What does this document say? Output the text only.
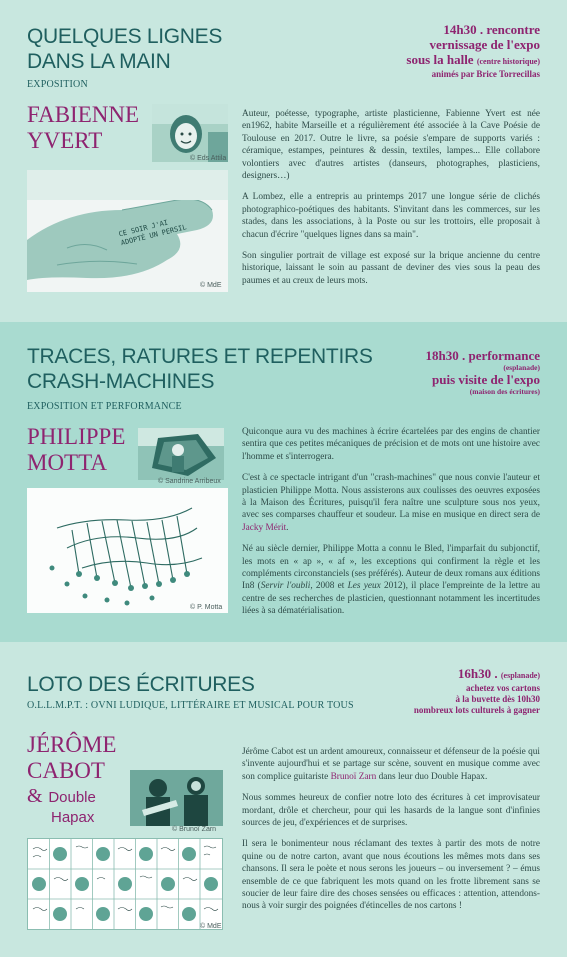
QUELQUES LIGNES
DANS LA MAIN
EXPOSITION
14h30 . rencontre
vernissage de l'expo
sous la halle (centre historique)
animés par Brice Torrecillas
FABIENNE
YVERT
© Eds Attila
CE SOIR J'AI ADOPTÉ UN PERSIL
© MdE

Auteur, poétesse, typographe, artiste plasticienne, Fabienne Yvert est née en1962, habite Marseille et a régulièrement été associée à la Cave Poésie de Toulouse en 2017. Outre le livre, sa poésie s'empare de supports variés : céramique, estampes, peintures & dessin, textiles, lampes... Elle collabore volontiers avec d'autres artistes (danseurs, photographes, plasticiens, designers…)

A Lombez, elle a entrepris au printemps 2017 une longue série de clichés photographico-poétiques des habitants. S'invitant dans les commerces, sur les stades, dans les associations, à la Poste ou sur les trottoirs, elle proposait à chacun d'écrire "quelques lignes dans sa main".

Son singulier portrait de village est exposé sur la brique ancienne du centre historique, laissant le soin au passant de deviner des vies sous la peau des paumes et au creux de leurs mots.

TRACES, RATURES ET REPENTIRS
CRASH-MACHINES
EXPOSITION ET PERFORMANCE
18h30 . performance
(esplanade)
puis visite de l'expo
(maison des écritures)
PHILIPPE
MOTTA
© Sandrine Arribeux
© P. Motta

Quiconque aura vu des machines à écrire écartelées par des engins de chantier sentira que ces petites mécaniques de précision et de mots ont une histoire avec l'homme et s'interrogera.

C'est à ce spectacle intrigant d'un "crash-machines" que nous convie l'auteur et plasticien Philippe Motta. Nous assisterons aux coulisses des oeuvres exposées à la Maison des Écritures, puisqu'il fera naître une sculpture sous nos yeux, avec ses comparses chauffeur et soudeur. La mise en musique en direct sera de Jacky Mérit.

Né au siècle dernier, Philippe Motta a connu le Bled, l'imparfait du subjonctif, les mots en « ap », « af », les exceptions qui confirment la règle et les compléments circonstanciels (ses préférés). Auteur de deux romans aux éditions In8 (Servir l'oubli, 2008 et Les yeux 2012), il place l'empreinte de la lettre au centre de ses recherches de plasticien, questionnant notamment les incertitudes liées à sa dématérialisation.

LOTO DES ÉCRITURES
O.L.L.M.P.T. : OVNI LUDIQUE, LITTÉRAIRE ET MUSICAL POUR TOUS
16h30 . (esplanade)
achetez vos cartons
à la buvette dès 10h30
nombreux lots culturels à gagner
JÉRÔME
CABOT
& Double
Hapax
© Brunoï Zarn
© MdE

Jérôme Cabot est un ardent amoureux, connaisseur et défenseur de la poésie qui s'invente aujourd'hui et se partage sur scène, souvent en musique comme avec son complice guitariste Brunoï Zarn dans leur duo Double Hapax.

Nous sommes heureux de confier notre loto des écritures à cet improvisateur mordant, drôle et chercheur, pour qui les hasards de la langue sont d'infinies sources de jeu, d'expériences et de surprises.

Il sera le bonimenteur nous réclamant des textes à partir des mots de notre quine ou de notre carton, avant que nous écoutions les mêmes mots dans ses chansons. Il sera le poète et nous serons les joueurs – ou inversement ? – émus ensemble de ce que fabriquent les mots quand on les frotte librement sans se soucier de leur faire dire des choses sensées ou efficaces : attention, attendons-nous à voir surgir des poignées d'étincelles de nos cartons !
